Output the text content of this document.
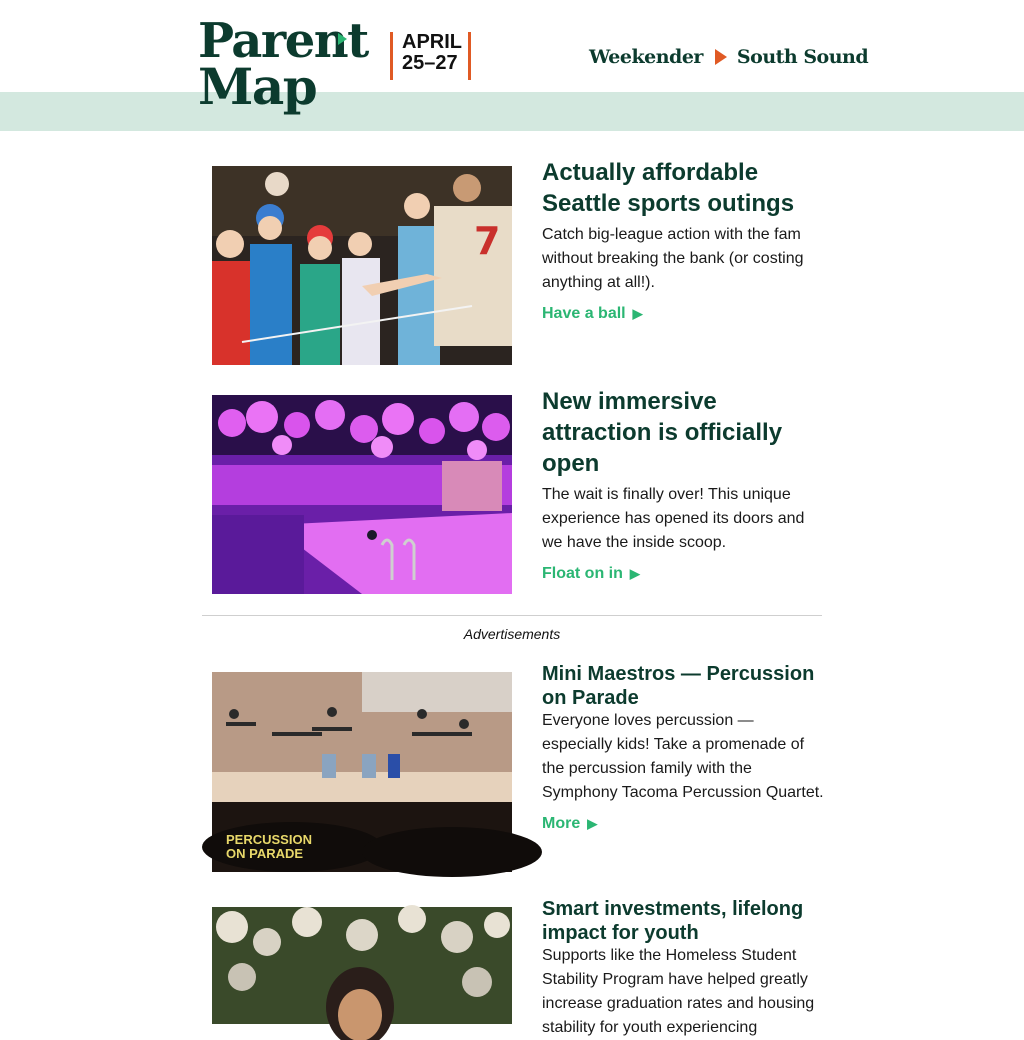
Parent
Map
APRIL
25–27	Weekender South Sound
7
Actually affordable Seattle sports outings
Catch big-league action with the fam without breaking the bank (or costing anything at all!).
Have a ball ▶
New immersive attraction is officially open
The wait is finally over! This unique experience has opened its doors and we have the inside scoop.
Float on in ▶
Advertisements
PERCUSSION
ON PARADE
Mini Maestros — Percussion on Parade
Everyone loves percussion — especially kids! Take a promenade of the percussion family with the Symphony Tacoma Percussion Quartet.
More ▶
Smart investments, lifelong impact for youth
Supports like the Homeless Student Stability Program have helped greatly increase graduation rates and housing stability for youth experiencing
